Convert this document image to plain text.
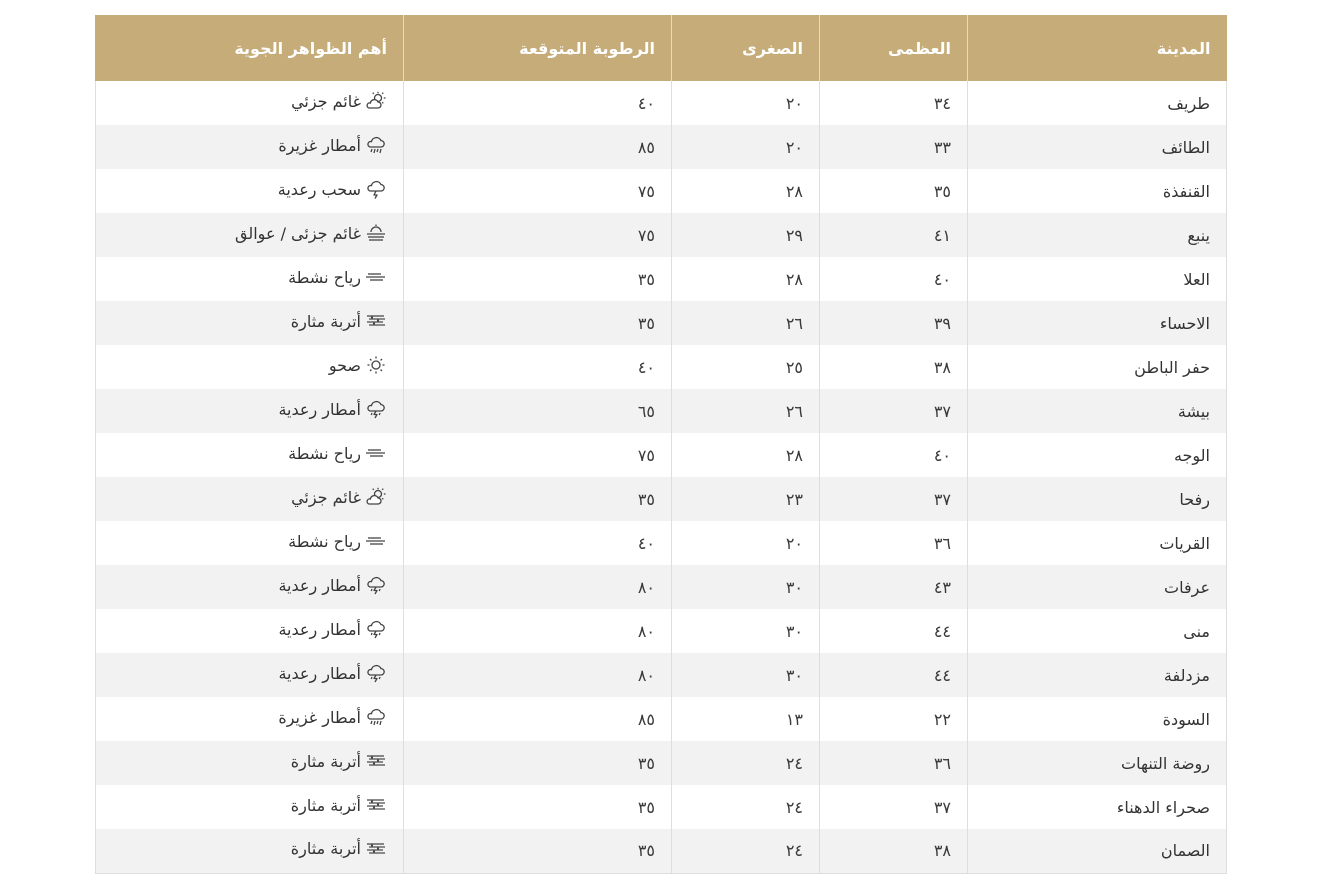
المدينة	العظمى	الصغرى	الرطوبة المتوقعة	أهم الظواهر الجوية
طريف	٣٤	٢٠	٤٠	غائم جزئي

الطائف	٣٣	٢٠	٨٥	أمطار غزيرة

القنفذة	٣٥	٢٨	٧٥	سحب رعدية

ينبع	٤١	٢٩	٧٥	غائم جزئى / عوالق

العلا	٤٠	٢٨	٣٥	رياح نشطة

الاحساء	٣٩	٢٦	٣٥	أتربة مثارة

حفر الباطن	٣٨	٢٥	٤٠	صحو

بيشة	٣٧	٢٦	٦٥	أمطار رعدية

الوجه	٤٠	٢٨	٧٥	رياح نشطة

رفحا	٣٧	٢٣	٣٥	غائم جزئي

القريات	٣٦	٢٠	٤٠	رياح نشطة

عرفات	٤٣	٣٠	٨٠	أمطار رعدية

منى	٤٤	٣٠	٨٠	أمطار رعدية

مزدلفة	٤٤	٣٠	٨٠	أمطار رعدية

السودة	٢٢	١٣	٨٥	أمطار غزيرة

روضة التنهات	٣٦	٢٤	٣٥	أتربة مثارة

صحراء الدهناء	٣٧	٢٤	٣٥	أتربة مثارة

الصمان	٣٨	٢٤	٣٥	أتربة مثارة
